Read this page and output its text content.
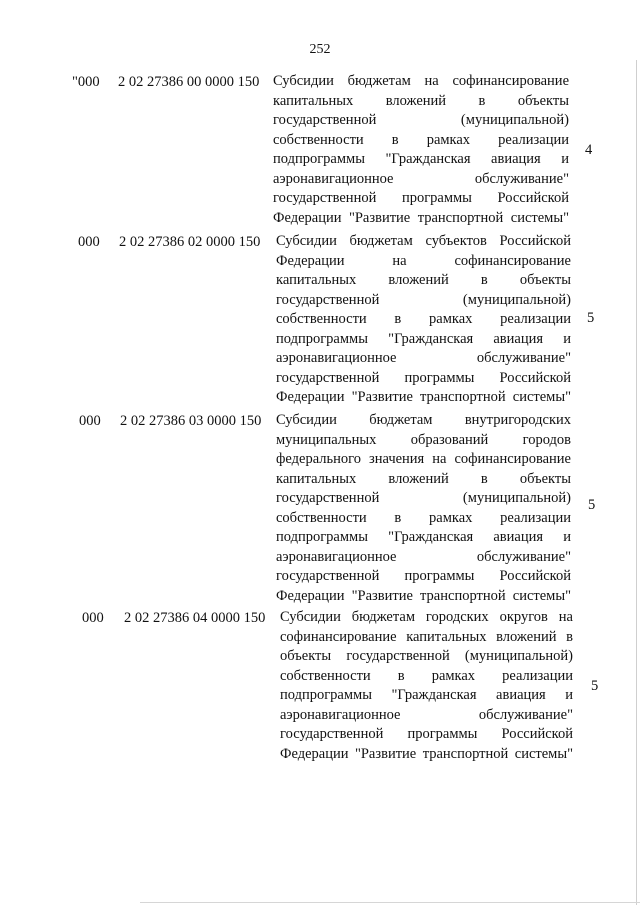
252
"000 2 02 27386 00 0000 150 Субсидии бюджетам на софинансирование
капитальных вложений в объекты
государственной (муниципальной)
собственности в рамках реализации
подпрограммы "Гражданская авиация и
аэронавигационное обслуживание"
государственной программы Российской
Федерации "Развитие транспортной системы"
4
000 2 02 27386 02 0000 150 Субсидии бюджетам субъектов Российской
Федерации на софинансирование
капитальных вложений в объекты
государственной (муниципальной)
собственности в рамках реализации
подпрограммы "Гражданская авиация и
аэронавигационное обслуживание"
государственной программы Российской
Федерации "Развитие транспортной системы"
5
000 2 02 27386 03 0000 150 Субсидии бюджетам внутригородских
муниципальных образований городов
федерального значения на софинансирование
капитальных вложений в объекты
государственной (муниципальной)
собственности в рамках реализации
подпрограммы "Гражданская авиация и
аэронавигационное обслуживание"
государственной программы Российской
Федерации "Развитие транспортной системы"
5
000 2 02 27386 04 0000 150 Субсидии бюджетам городских округов на
софинансирование капитальных вложений в
объекты государственной (муниципальной)
собственности в рамках реализации
подпрограммы "Гражданская авиация и
аэронавигационное обслуживание"
государственной программы Российской
Федерации "Развитие транспортной системы"
5
